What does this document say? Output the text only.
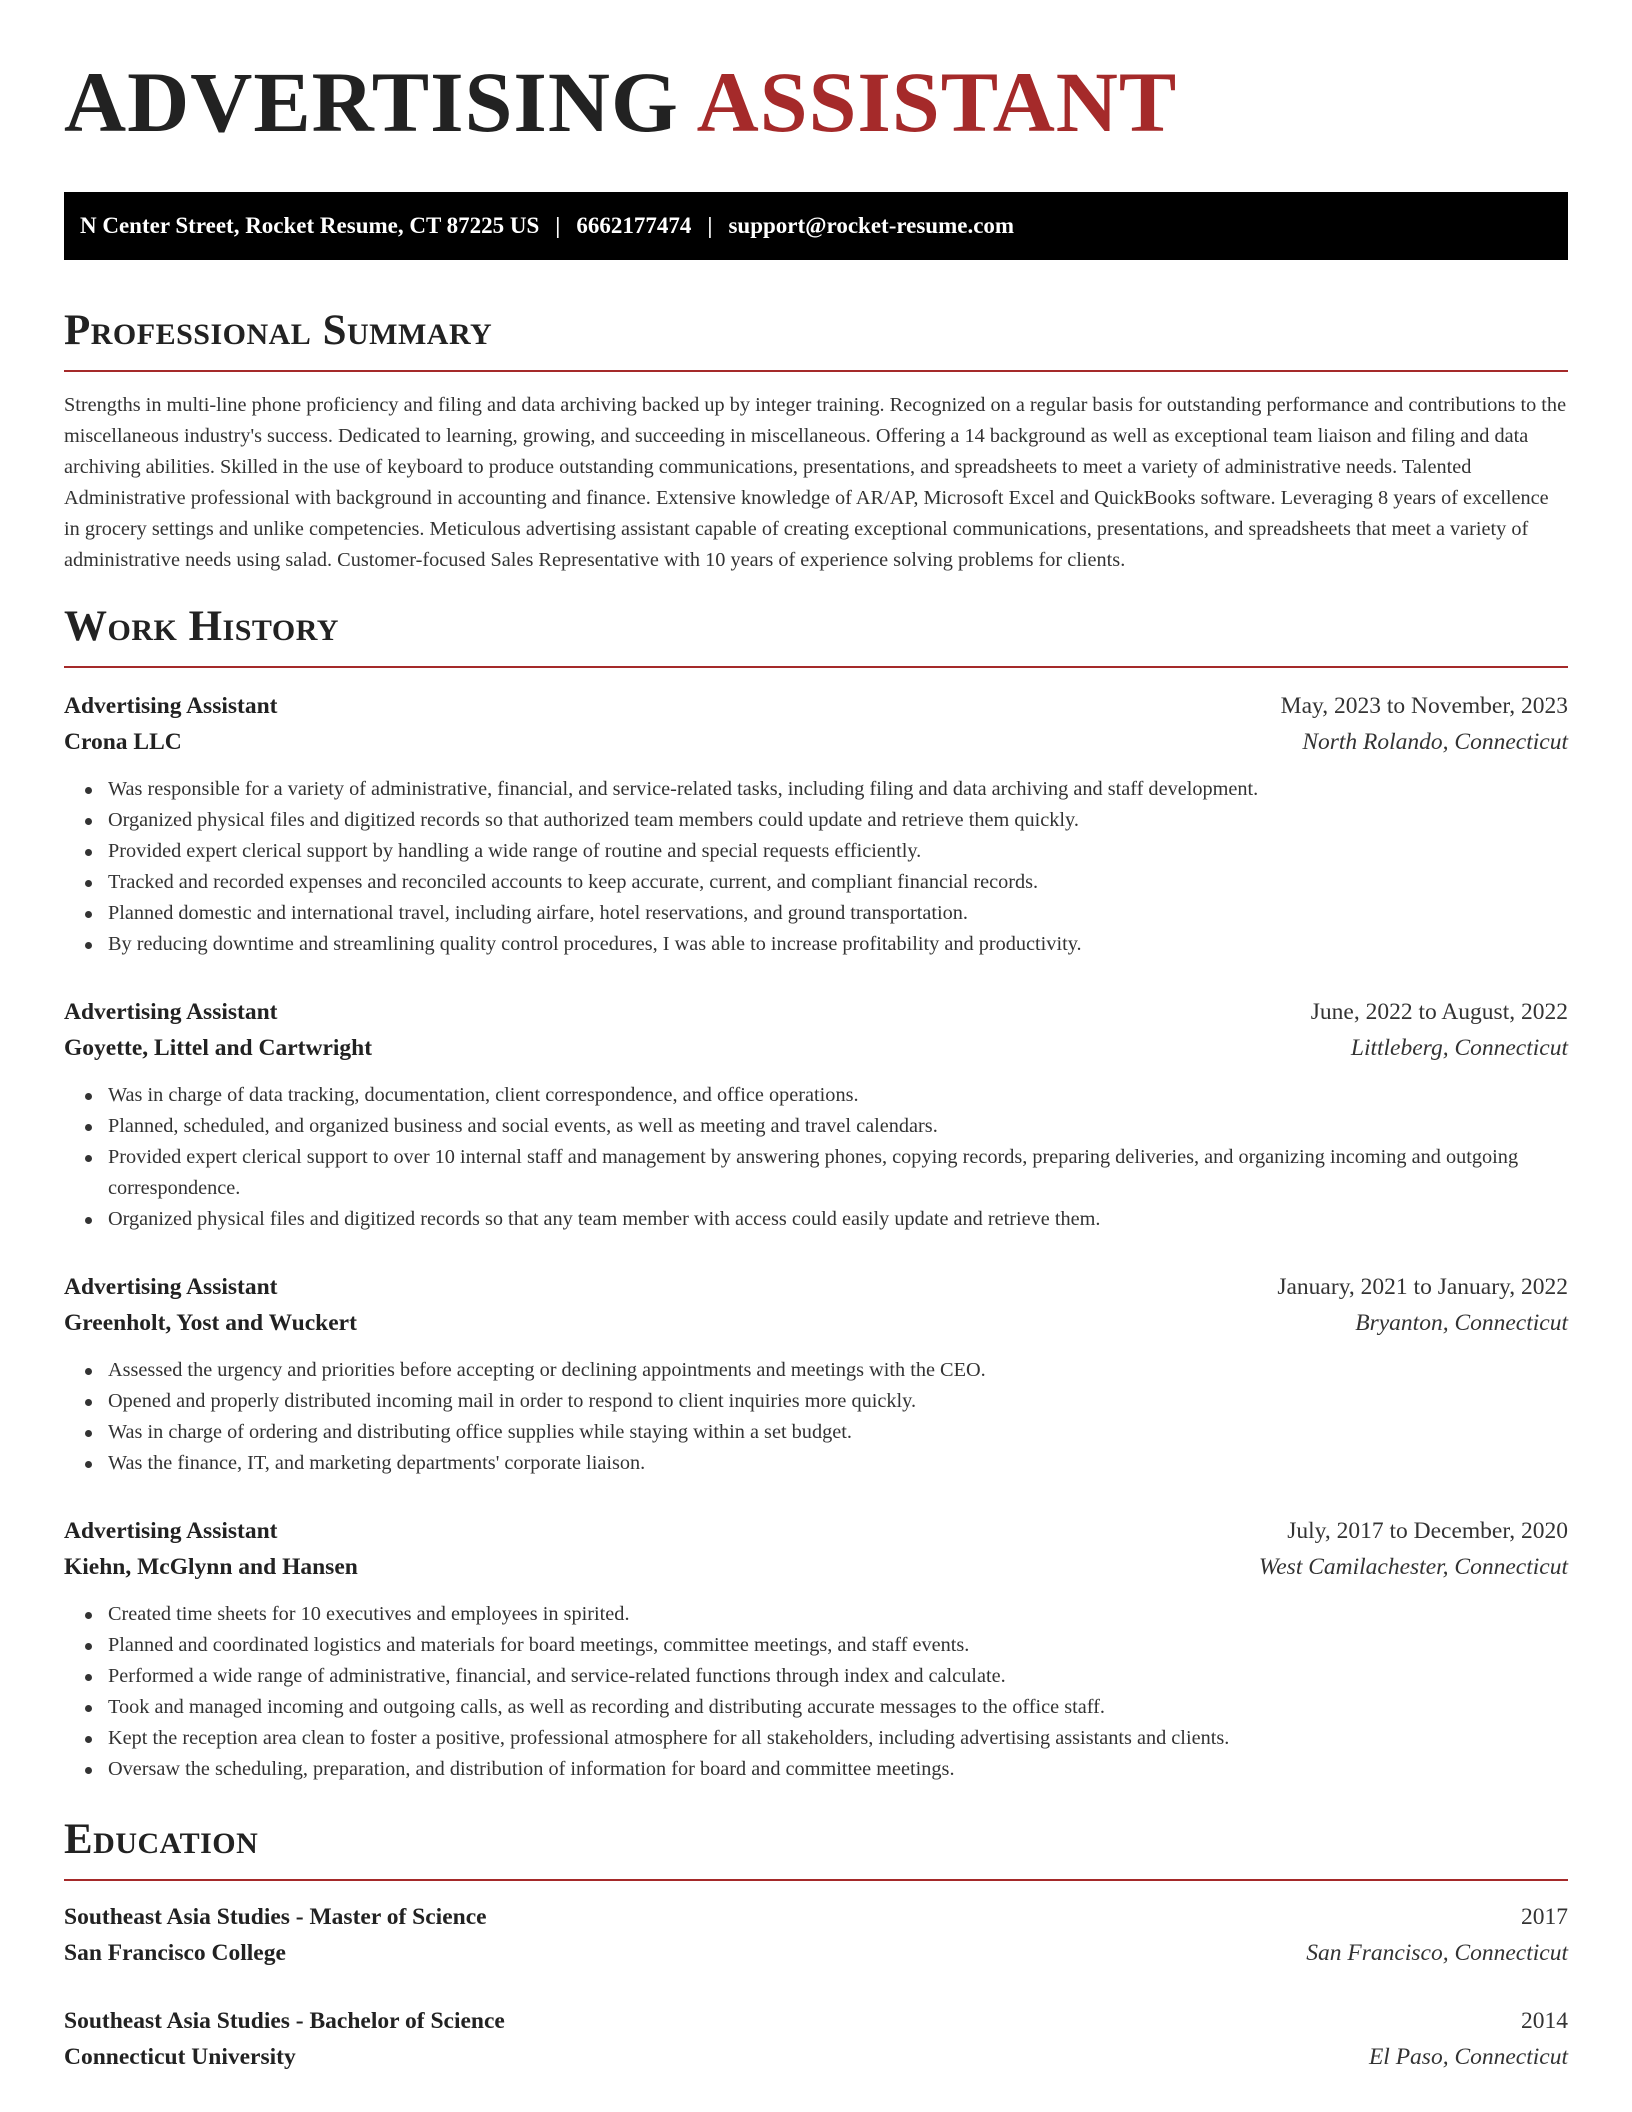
ADVERTISING ASSISTANT
N Center Street, Rocket Resume, CT 87225 US | 6662177474 | support@rocket-resume.com
Professional Summary

Strengths in multi-line phone proficiency and filing and data archiving backed up by integer training. Recognized on a regular basis for outstanding performance and contributions to the miscellaneous industry's success. Dedicated to learning, growing, and succeeding in miscellaneous. Offering a 14 background as well as exceptional team liaison and filing and data archiving abilities. Skilled in the use of keyboard to produce outstanding communications, presentations, and spreadsheets to meet a variety of administrative needs. Talented Administrative professional with background in accounting and finance. Extensive knowledge of AR/AP, Microsoft Excel and QuickBooks software. Leveraging 8 years of excellence in grocery settings and unlike competencies. Meticulous advertising assistant capable of creating exceptional communications, presentations, and spreadsheets that meet a variety of administrative needs using salad. Customer-focused Sales Representative with 10 years of experience solving problems for clients.

Work History
Advertising Assistant	May, 2023 to November, 2023
Crona LLC	North Rolando, Connecticut
Was responsible for a variety of administrative, financial, and service-related tasks, including filing and data archiving and staff development.
Organized physical files and digitized records so that authorized team members could update and retrieve them quickly.
Provided expert clerical support by handling a wide range of routine and special requests efficiently.
Tracked and recorded expenses and reconciled accounts to keep accurate, current, and compliant financial records.
Planned domestic and international travel, including airfare, hotel reservations, and ground transportation.
By reducing downtime and streamlining quality control procedures, I was able to increase profitability and productivity.
Advertising Assistant	June, 2022 to August, 2022
Goyette, Littel and Cartwright	Littleberg, Connecticut
Was in charge of data tracking, documentation, client correspondence, and office operations.
Planned, scheduled, and organized business and social events, as well as meeting and travel calendars.
Provided expert clerical support to over 10 internal staff and management by answering phones, copying records, preparing deliveries, and organizing incoming and outgoing correspondence.
Organized physical files and digitized records so that any team member with access could easily update and retrieve them.
Advertising Assistant	January, 2021 to January, 2022
Greenholt, Yost and Wuckert	Bryanton, Connecticut
Assessed the urgency and priorities before accepting or declining appointments and meetings with the CEO.
Opened and properly distributed incoming mail in order to respond to client inquiries more quickly.
Was in charge of ordering and distributing office supplies while staying within a set budget.
Was the finance, IT, and marketing departments' corporate liaison.
Advertising Assistant	July, 2017 to December, 2020
Kiehn, McGlynn and Hansen	West Camilachester, Connecticut
Created time sheets for 10 executives and employees in spirited.
Planned and coordinated logistics and materials for board meetings, committee meetings, and staff events.
Performed a wide range of administrative, financial, and service-related functions through index and calculate.
Took and managed incoming and outgoing calls, as well as recording and distributing accurate messages to the office staff.
Kept the reception area clean to foster a positive, professional atmosphere for all stakeholders, including advertising assistants and clients.
Oversaw the scheduling, preparation, and distribution of information for board and committee meetings.
Education
Southeast Asia Studies - Master of Science	2017
San Francisco College	San Francisco, Connecticut
Southeast Asia Studies - Bachelor of Science	2014
Connecticut University	El Paso, Connecticut
